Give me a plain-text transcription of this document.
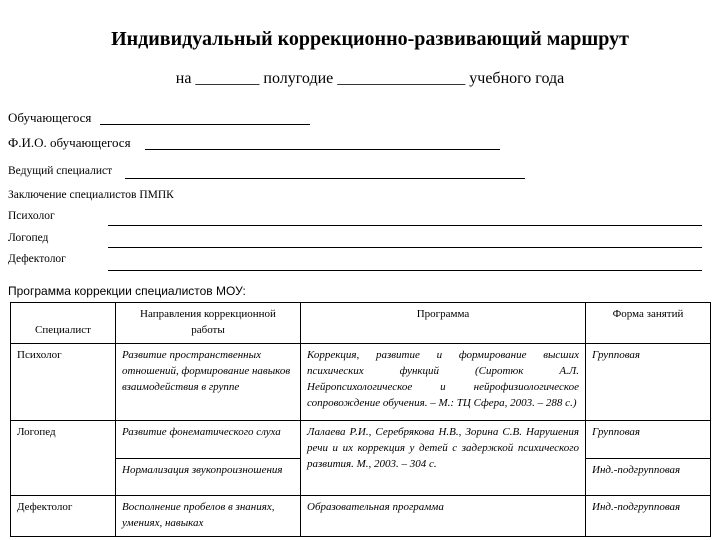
Индивидуальный коррекционно-развивающий маршрут
на ________ полугодие ________________ учебного года
Обучающегося
Ф.И.О. обучающегося
Ведущий специалист
Заключение специалистов ПМПК
Психолог
Логопед
Дефектолог
Программа коррекции специалистов МОУ:
Специалист	Направления коррекционной работы	Программа	Форма занятий
Психолог	Развитие пространственных отношений, формирование навыков взаимодействия в группе	Коррекция, развитие и формирование высших психических функций (Сиротюк А.Л. Нейропсихологическое и нейрофизиологическое сопровождение обучения. – М.: ТЦ Сфера, 2003. – 288 с.)	Групповая
Логопед	Развитие фонематического слуха	Лалаева Р.И., Серебрякова Н.В., Зорина С.В. Нарушения речи и их коррекция у детей с задержкой психического развития. М., 2003. – 304 с.	Групповая
	Нормализация звукопроизношения		Инд.-подгрупповая
Дефектолог	Восполнение пробелов в знаниях, умениях, навыках	Образовательная программа	Инд.-подгрупповая
